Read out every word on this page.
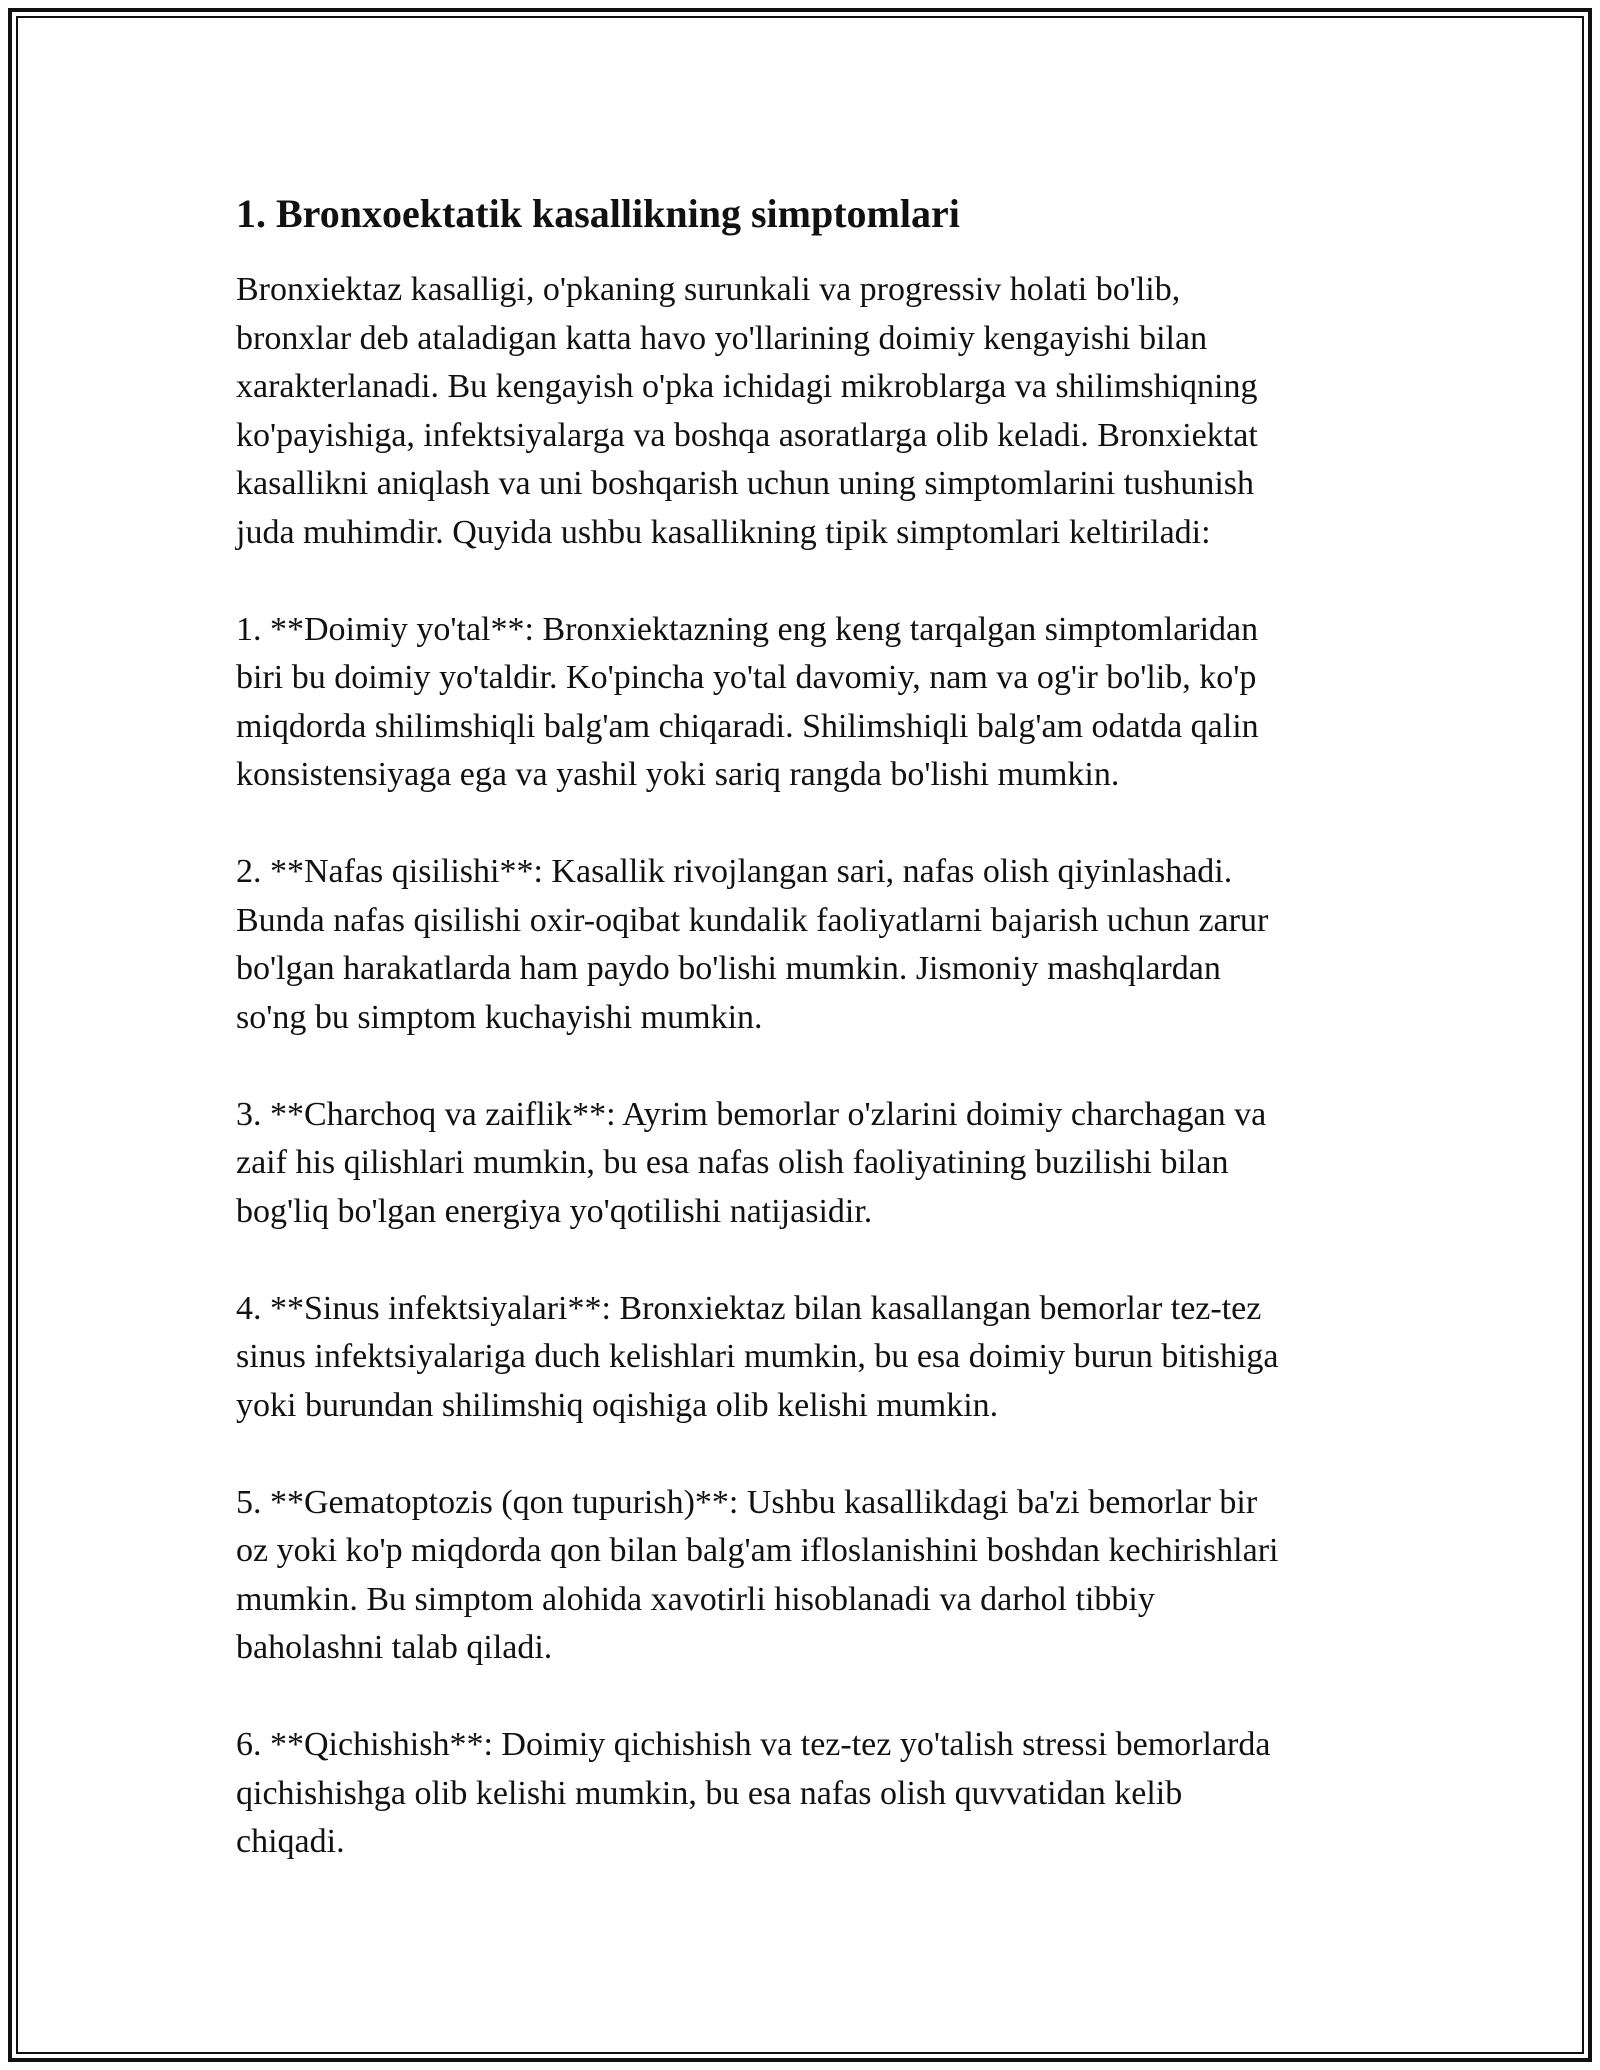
1. Bronxoektatik kasallikning simptomlari

Bronxiektaz kasalligi, o'pkaning surunkali va progressiv holati bo'lib,
bronxlar deb ataladigan katta havo yo'llarining doimiy kengayishi bilan
xarakterlanadi. Bu kengayish o'pka ichidagi mikroblarga va shilimshiqning
ko'payishiga, infektsiyalarga va boshqa asoratlarga olib keladi. Bronxiektat
kasallikni aniqlash va uni boshqarish uchun uning simptomlarini tushunish
juda muhimdir. Quyida ushbu kasallikning tipik simptomlari keltiriladi:

1. **Doimiy yo'tal**: Bronxiektazning eng keng tarqalgan simptomlaridan
biri bu doimiy yo'taldir. Ko'pincha yo'tal davomiy, nam va og'ir bo'lib, ko'p
miqdorda shilimshiqli balg'am chiqaradi. Shilimshiqli balg'am odatda qalin
konsistensiyaga ega va yashil yoki sariq rangda bo'lishi mumkin.

2. **Nafas qisilishi**: Kasallik rivojlangan sari, nafas olish qiyinlashadi.
Bunda nafas qisilishi oxir-oqibat kundalik faoliyatlarni bajarish uchun zarur
bo'lgan harakatlarda ham paydo bo'lishi mumkin. Jismoniy mashqlardan
so'ng bu simptom kuchayishi mumkin.

3. **Charchoq va zaiflik**: Ayrim bemorlar o'zlarini doimiy charchagan va
zaif his qilishlari mumkin, bu esa nafas olish faoliyatining buzilishi bilan
bog'liq bo'lgan energiya yo'qotilishi natijasidir.

4. **Sinus infektsiyalari**: Bronxiektaz bilan kasallangan bemorlar tez-tez
sinus infektsiyalariga duch kelishlari mumkin, bu esa doimiy burun bitishiga
yoki burundan shilimshiq oqishiga olib kelishi mumkin.

5. **Gematoptozis (qon tupurish)**: Ushbu kasallikdagi ba'zi bemorlar bir
oz yoki ko'p miqdorda qon bilan balg'am ifloslanishini boshdan kechirishlari
mumkin. Bu simptom alohida xavotirli hisoblanadi va darhol tibbiy
baholashni talab qiladi.

6. **Qichishish**: Doimiy qichishish va tez-tez yo'talish stressi bemorlarda
qichishishga olib kelishi mumkin, bu esa nafas olish quvvatidan kelib
chiqadi.
